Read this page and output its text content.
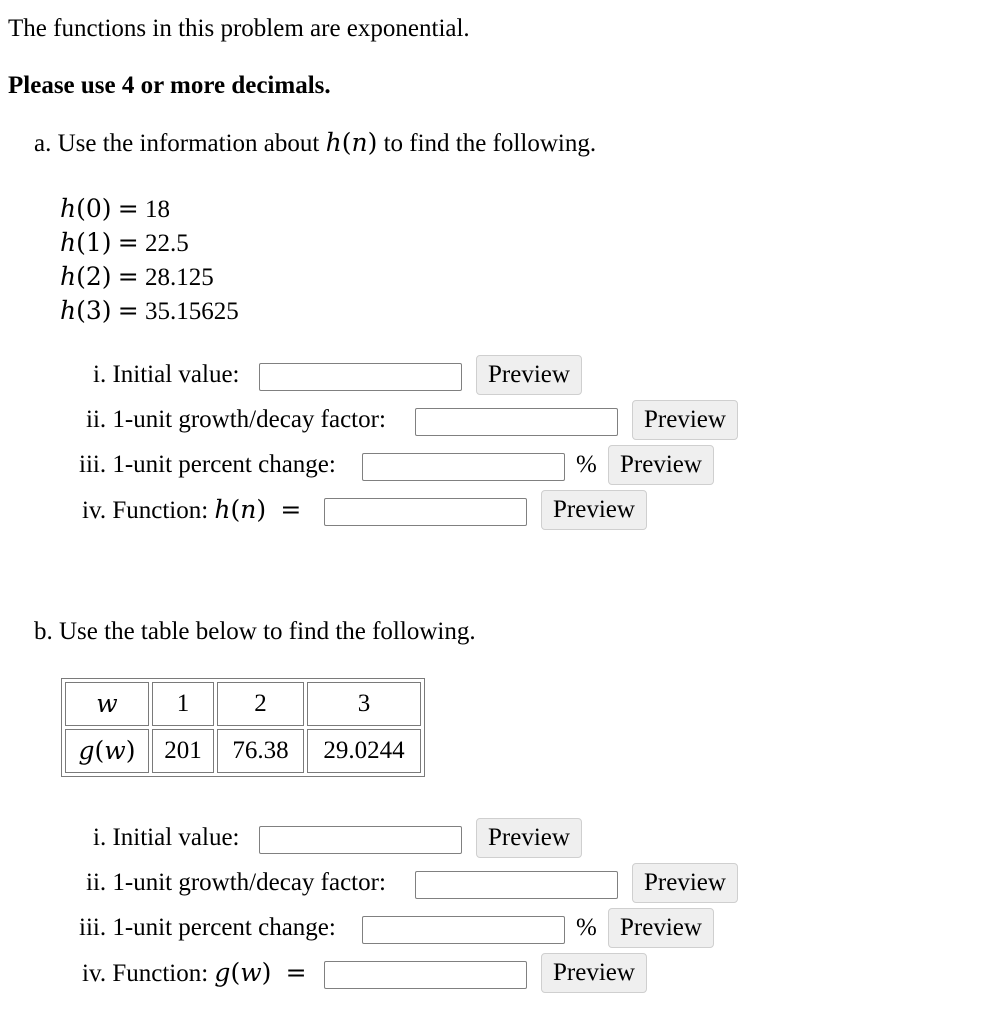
The functions in this problem are exponential.
Please use 4 or more decimals.
a. Use the information about h(n) to find the following.
h(0) = 18
h(1) = 22.5
h(2) = 28.125
h(3) = 35.15625
i. Initial value:	Preview
ii. 1-unit growth/decay factor:	Preview
iii. 1-unit percent change:	% Preview
iv. Function: h(n)  =	Preview
b. Use the table below to find the following.
w	1	2	3
g(w)	201	76.38	29.0244
i. Initial value:	Preview
ii. 1-unit growth/decay factor:	Preview
iii. 1-unit percent change:	% Preview
iv. Function: g(w)  =	Preview
